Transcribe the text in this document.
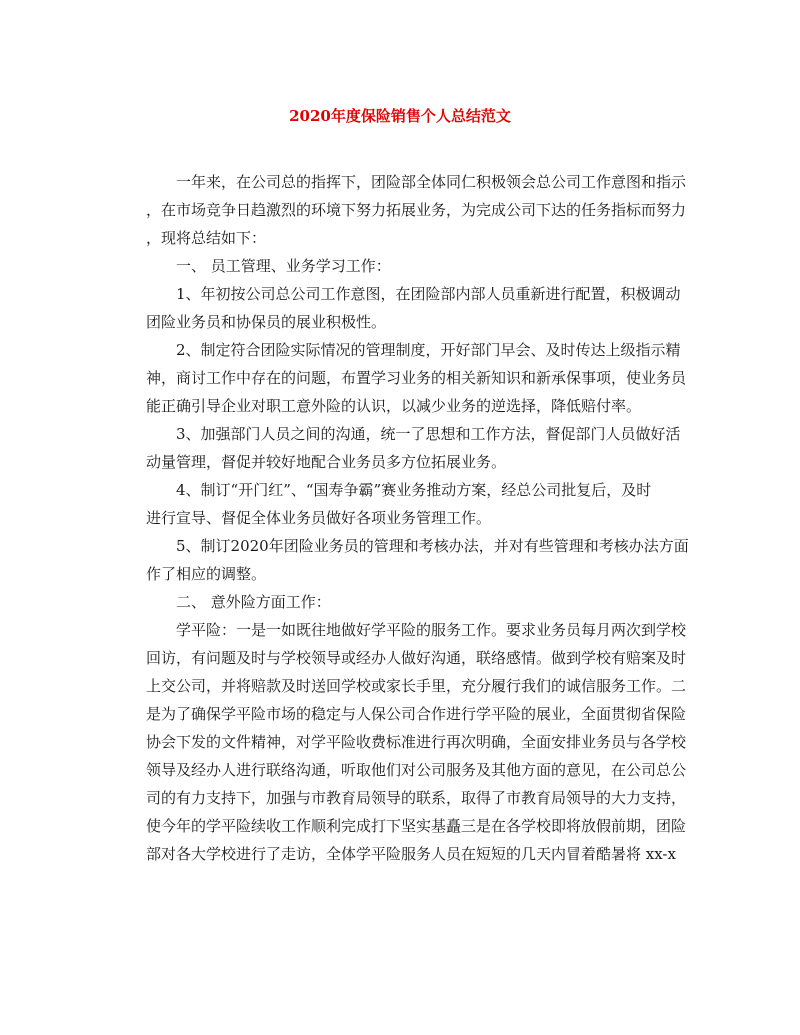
2020年度保险销售个人总结范文
　　一年来，在公司总的指挥下，团险部全体同仁积极领会总公司工作意图和指示
，在市场竞争日趋激烈的环境下努力拓展业务，为完成公司下达的任务指标而努力
，现将总结如下：
　　一、 员工管理、业务学习工作：
　　1、年初按公司总公司工作意图，在团险部内部人员重新进行配置，积极调动
团险业务员和协保员的展业积极性。
　　2、制定符合团险实际情况的管理制度，开好部门早会、及时传达上级指示精
神，商讨工作中存在的问题，布置学习业务的相关新知识和新承保事项，使业务员
能正确引导企业对职工意外险的认识，以减少业务的逆选择，降低赔付率。
　　3、加强部门人员之间的沟通，统一了思想和工作方法，督促部门人员做好活
动量管理，督促并较好地配合业务员多方位拓展业务。
　　4、制订“开门红”、“国寿争霸”赛业务推动方案，经总公司批复后，及时
进行宣导、督促全体业务员做好各项业务管理工作。
　　5、制订2020年团险业务员的管理和考核办法，并对有些管理和考核办法方面
作了相应的调整。
　　二、 意外险方面工作：
　　学平险：一是一如既往地做好学平险的服务工作。要求业务员每月两次到学校
回访，有问题及时与学校领导或经办人做好沟通，联络感情。做到学校有赔案及时
上交公司，并将赔款及时送回学校或家长手里，充分履行我们的诚信服务工作。二
是为了确保学平险市场的稳定与人保公司合作进行学平险的展业，全面贯彻省保险
协会下发的文件精神，对学平险收费标准进行再次明确，全面安排业务员与各学校
领导及经办人进行联络沟通，听取他们对公司服务及其他方面的意见，在公司总公
司的有力支持下，加强与市教育局领导的联系，取得了市教育局领导的大力支持，
使今年的学平险续收工作顺利完成打下坚实基矗三是在各学校即将放假前期，团险
部对各大学校进行了走访，全体学平险服务人员在短短的几天内冒着酷暑将 xx-x
